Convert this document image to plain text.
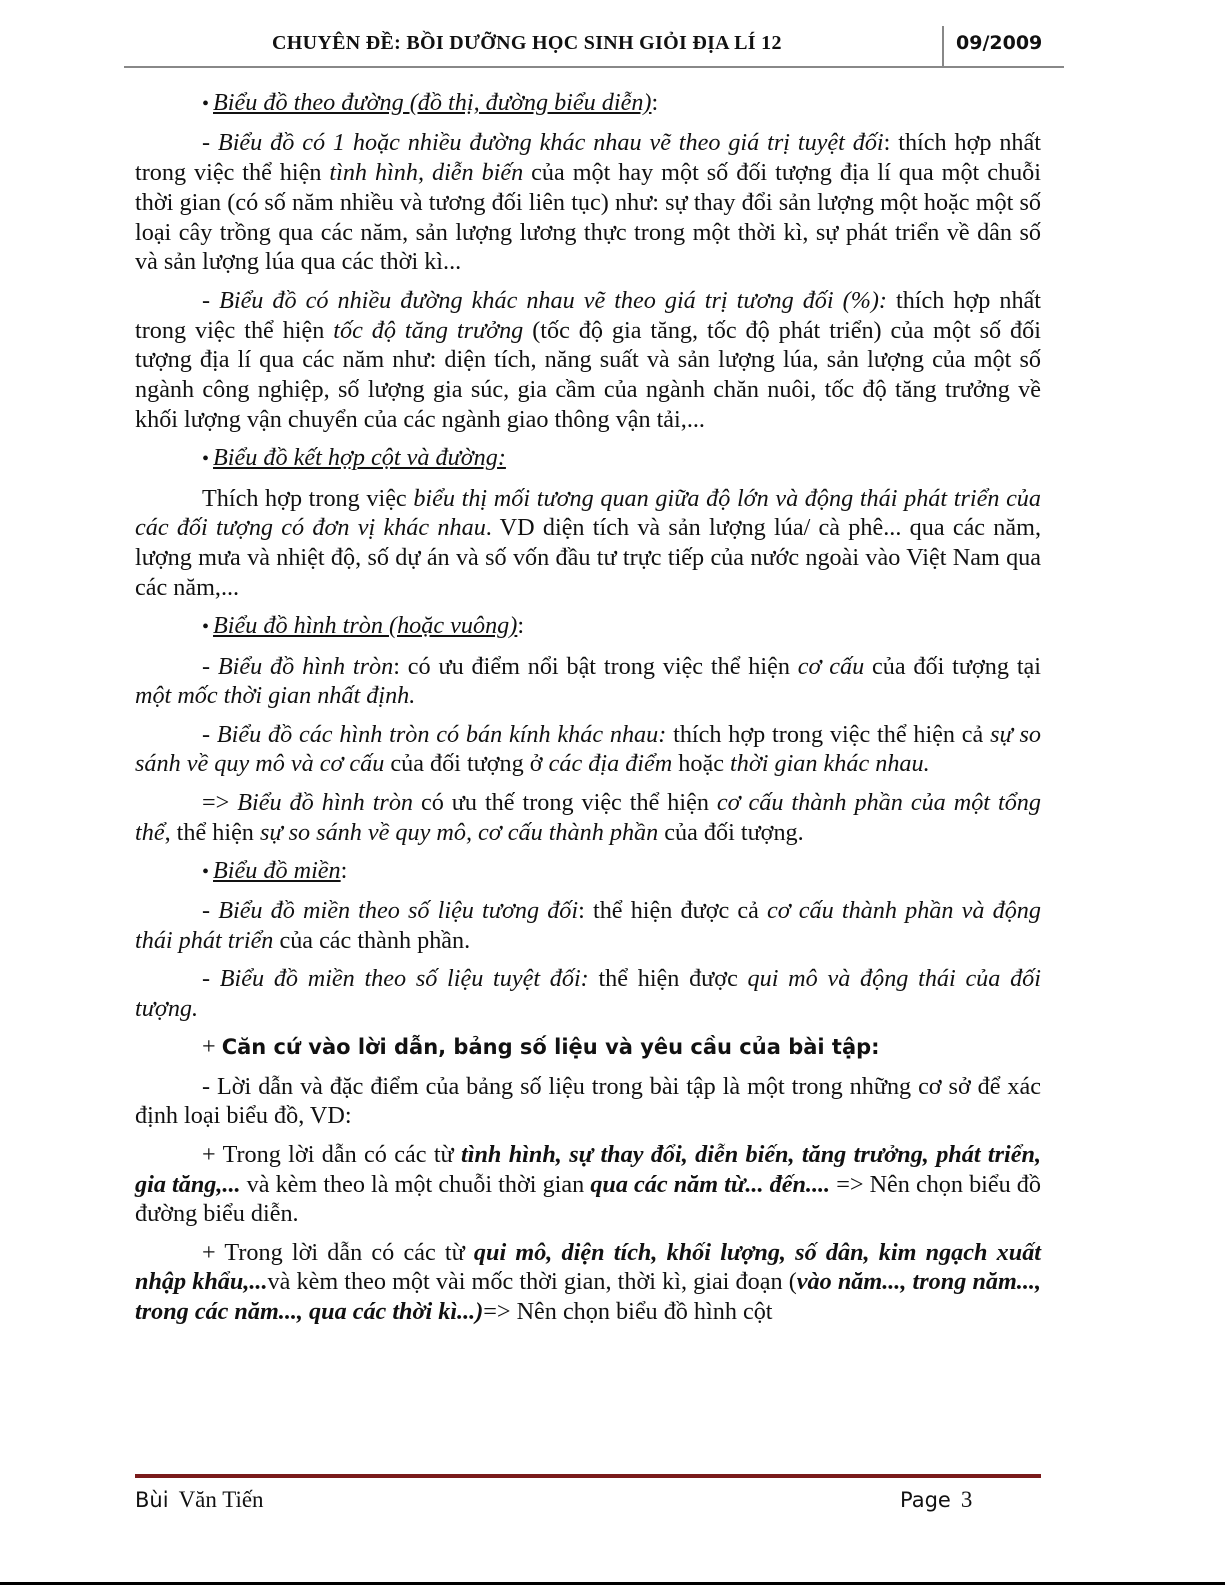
CHUYÊN ĐỀ: BỒI DƯỠNG HỌC SINH GIỎI ĐỊA LÍ 12	09/2009

• Biểu đồ theo đường (đồ thị, đường biểu diễn):

- Biểu đồ có 1 hoặc nhiều đường khác nhau vẽ theo giá trị tuyệt đối: thích hợp nhất trong việc thể hiện tình hình, diễn biến của một hay một số đối tượng địa lí qua một chuỗi thời gian (có số năm nhiều và tương đối liên tục) như: sự thay đổi sản lượng một hoặc một số loại cây trồng qua các năm, sản lượng lương thực trong một thời kì, sự phát triển về dân số và sản lượng lúa qua các thời kì...

- Biểu đồ có nhiều đường khác nhau vẽ theo giá trị tương đối (%): thích hợp nhất trong việc thể hiện tốc độ tăng trưởng (tốc độ gia tăng, tốc độ phát triển) của một số đối tượng địa lí qua các năm như: diện tích, năng suất và sản lượng lúa, sản lượng của một số ngành công nghiệp, số lượng gia súc, gia cầm của ngành chăn nuôi, tốc độ tăng trưởng về khối lượng vận chuyển của các ngành giao thông vận tải,...

• Biểu đồ kết hợp cột và đường:

Thích hợp trong việc biểu thị mối tương quan giữa độ lớn và động thái phát triển của các đối tượng có đơn vị khác nhau. VD diện tích và sản lượng lúa/ cà phê... qua các năm, lượng mưa và nhiệt độ, số dự án và số vốn đầu tư trực tiếp của nước ngoài vào Việt Nam qua các năm,...

• Biểu đồ hình tròn (hoặc vuông):

- Biểu đồ hình tròn: có ưu điểm nổi bật trong việc thể hiện cơ cấu của đối tượng tại một mốc thời gian nhất định.

- Biểu đồ các hình tròn có bán kính khác nhau: thích hợp trong việc thể hiện cả sự so sánh về quy mô và cơ cấu của đối tượng ở các địa điểm hoặc thời gian khác nhau.

=> Biểu đồ hình tròn có ưu thế trong việc thể hiện cơ cấu thành phần của một tổng thể, thể hiện sự so sánh về quy mô, cơ cấu thành phần của đối tượng.

• Biểu đồ miền:

- Biểu đồ miền theo số liệu tương đối: thể hiện được cả cơ cấu thành phần và động thái phát triển của các thành phần.

- Biểu đồ miền theo số liệu tuyệt đối: thể hiện được qui mô và động thái của đối tượng.

+ Căn cứ vào lời dẫn, bảng số liệu và yêu cầu của bài tập:

- Lời dẫn và đặc điểm của bảng số liệu trong bài tập là một trong những cơ sở để xác định loại biểu đồ, VD:

+ Trong lời dẫn có các từ tình hình, sự thay đổi, diễn biến, tăng trưởng, phát triển, gia tăng,... và kèm theo là một chuỗi thời gian qua các năm từ... đến.... => Nên chọn biểu đồ đường biểu diễn.

+ Trong lời dẫn có các từ qui mô, diện tích, khối lượng, số dân, kim ngạch xuất nhập khẩu,...và kèm theo một vài mốc thời gian, thời kì, giai đoạn (vào năm..., trong năm..., trong các năm..., qua các thời kì...)=> Nên chọn biểu đồ hình cột

Bùi Văn Tiến	Page 3
